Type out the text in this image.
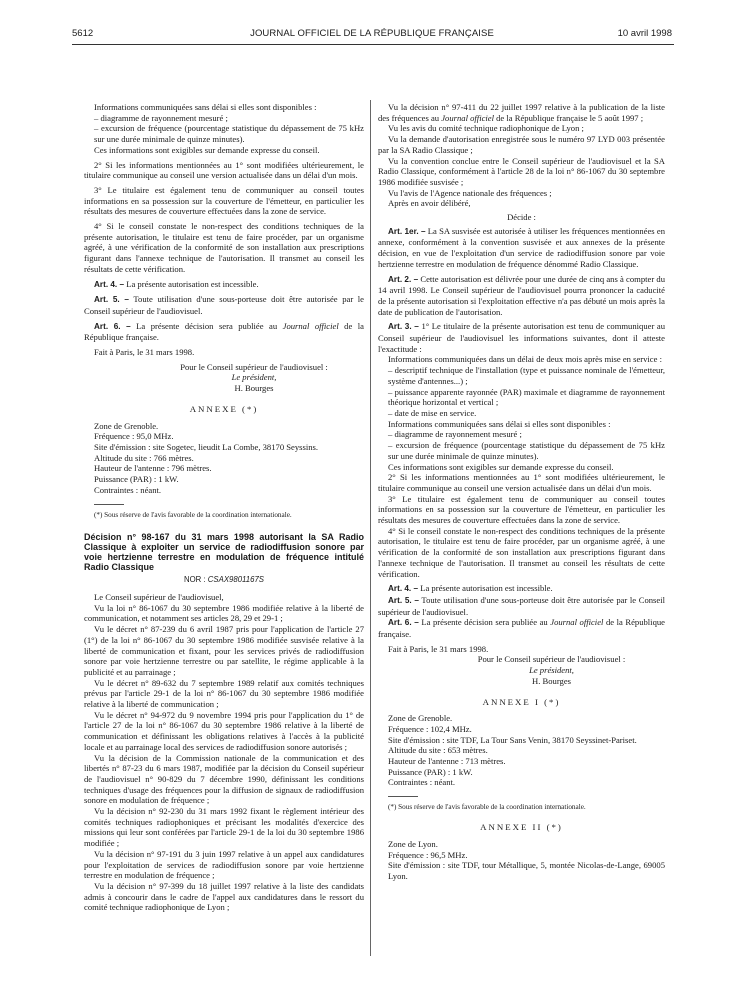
5612	JOURNAL OFFICIEL DE LA RÉPUBLIQUE FRANÇAISE	10 avril 1998

Informations communiquées sans délai si elles sont disponibles :

– diagramme de rayonnement mesuré ;

– excursion de fréquence (pourcentage statistique du dépassement de 75 kHz sur une durée minimale de quinze minutes).

Ces informations sont exigibles sur demande expresse du conseil.

2° Si les informations mentionnées au 1° sont modifiées ultérieurement, le titulaire communique au conseil une version actualisée dans un délai d'un mois.

3° Le titulaire est également tenu de communiquer au conseil toutes informations en sa possession sur la couverture de l'émetteur, en particulier les résultats des mesures de couverture effectuées dans la zone de service.

4° Si le conseil constate le non-respect des conditions techniques de la présente autorisation, le titulaire est tenu de faire procéder, par un organisme agréé, à une vérification de la conformité de son installation aux prescriptions figurant dans l'annexe technique de l'autorisation. Il transmet au conseil les résultats de cette vérification.

Art. 4. – La présente autorisation est incessible.

Art. 5. – Toute utilisation d'une sous-porteuse doit être autorisée par le Conseil supérieur de l'audiovisuel.

Art. 6. – La présente décision sera publiée au Journal officiel de la République française.

Fait à Paris, le 31 mars 1998.

Pour le Conseil supérieur de l'audiovisuel :
Le président,
H. Bourges
ANNEXE (*)

Zone de Grenoble.

Fréquence : 95,0 MHz.

Site d'émission : site Sogetec, lieudit La Combe, 38170 Seyssins.

Altitude du site : 766 mètres.

Hauteur de l'antenne : 796 mètres.

Puissance (PAR) : 1 kW.

Contraintes : néant.

(*) Sous réserve de l'avis favorable de la coordination internationale.

Décision n° 98-167 du 31 mars 1998 autorisant la SA Radio Classique à exploiter un service de radiodiffusion sonore par voie hertzienne terrestre en modulation de fréquence intitulé Radio Classique

NOR : CSAX9801167S

Le Conseil supérieur de l'audiovisuel,

Vu la loi n° 86-1067 du 30 septembre 1986 modifiée relative à la liberté de communication, et notamment ses articles 28, 29 et 29-1 ;

Vu le décret n° 87-239 du 6 avril 1987 pris pour l'application de l'article 27 (1°) de la loi n° 86-1067 du 30 septembre 1986 modifiée susvisée relative à la liberté de communication et fixant, pour les services privés de radiodiffusion sonore par voie hertzienne terrestre ou par satellite, le régime applicable à la publicité et au parrainage ;

Vu le décret n° 89-632 du 7 septembre 1989 relatif aux comités techniques prévus par l'article 29-1 de la loi n° 86-1067 du 30 septembre 1986 modifiée relative à la liberté de communication ;

Vu le décret n° 94-972 du 9 novembre 1994 pris pour l'application du 1° de l'article 27 de la loi n° 86-1067 du 30 septembre 1986 relative à la liberté de communication et définissant les obligations relatives à l'accès à la publicité locale et au parrainage local des services de radiodiffusion sonore autorisés ;

Vu la décision de la Commission nationale de la communication et des libertés n° 87-23 du 6 mars 1987, modifiée par la décision du Conseil supérieur de l'audiovisuel n° 90-829 du 7 décembre 1990, définissant les conditions techniques d'usage des fréquences pour la diffusion de signaux de radiodiffusion sonore en modulation de fréquence ;

Vu la décision n° 92-230 du 31 mars 1992 fixant le règlement intérieur des comités techniques radiophoniques et précisant les modalités d'exercice des missions qui leur sont conférées par l'article 29-1 de la loi du 30 septembre 1986 modifiée ;

Vu la décision n° 97-191 du 3 juin 1997 relative à un appel aux candidatures pour l'exploitation de services de radiodiffusion sonore par voie hertzienne terrestre en modulation de fréquence ;

Vu la décision n° 97-399 du 18 juillet 1997 relative à la liste des candidats admis à concourir dans le cadre de l'appel aux candidatures dans le ressort du comité technique radiophonique de Lyon ;

Vu la décision n° 97-411 du 22 juillet 1997 relative à la publication de la liste des fréquences au Journal officiel de la République française le 5 août 1997 ;

Vu les avis du comité technique radiophonique de Lyon ;

Vu la demande d'autorisation enregistrée sous le numéro 97 LYD 003 présentée par la SA Radio Classique ;

Vu la convention conclue entre le Conseil supérieur de l'audiovisuel et la SA Radio Classique, conformément à l'article 28 de la loi n° 86-1067 du 30 septembre 1986 modifiée susvisée ;

Vu l'avis de l'Agence nationale des fréquences ;

Après en avoir délibéré,

Décide :

Art. 1er. – La SA susvisée est autorisée à utiliser les fréquences mentionnées en annexe, conformément à la convention susvisée et aux annexes de la présente décision, en vue de l'exploitation d'un service de radiodiffusion sonore par voie hertzienne terrestre en modulation de fréquence dénommé Radio Classique.

Art. 2. – Cette autorisation est délivrée pour une durée de cinq ans à compter du 14 avril 1998. Le Conseil supérieur de l'audiovisuel pourra prononcer la caducité de la présente autorisation si l'exploitation effective n'a pas débuté un mois après la date de publication de l'autorisation.

Art. 3. – 1° Le titulaire de la présente autorisation est tenu de communiquer au Conseil supérieur de l'audiovisuel les informations suivantes, dont il atteste l'exactitude :

Informations communiquées dans un délai de deux mois après mise en service :

– descriptif technique de l'installation (type et puissance nominale de l'émetteur, système d'antennes...) ;

– puissance apparente rayonnée (PAR) maximale et diagramme de rayonnement théorique horizontal et vertical ;

– date de mise en service.

Informations communiquées sans délai si elles sont disponibles :

– diagramme de rayonnement mesuré ;

– excursion de fréquence (pourcentage statistique du dépassement de 75 kHz sur une durée minimale de quinze minutes).

Ces informations sont exigibles sur demande expresse du conseil.

2° Si les informations mentionnées au 1° sont modifiées ultérieurement, le titulaire communique au conseil une version actualisée dans un délai d'un mois.

3° Le titulaire est également tenu de communiquer au conseil toutes informations en sa possession sur la couverture de l'émetteur, en particulier les résultats des mesures de couverture effectuées dans la zone de service.

4° Si le conseil constate le non-respect des conditions techniques de la présente autorisation, le titulaire est tenu de faire procéder, par un organisme agréé, à une vérification de la conformité de son installation aux prescriptions figurant dans l'annexe technique de l'autorisation. Il transmet au conseil les résultats de cette vérification.

Art. 4. – La présente autorisation est incessible.

Art. 5. – Toute utilisation d'une sous-porteuse doit être autorisée par le Conseil supérieur de l'audiovisuel.

Art. 6. – La présente décision sera publiée au Journal officiel de la République française.

Fait à Paris, le 31 mars 1998.

Pour le Conseil supérieur de l'audiovisuel :
Le président,
H. Bourges
ANNEXE I (*)

Zone de Grenoble.

Fréquence : 102,4 MHz.

Site d'émission : site TDF, La Tour Sans Venin, 38170 Seyssinet-Pariset.

Altitude du site : 653 mètres.

Hauteur de l'antenne : 713 mètres.

Puissance (PAR) : 1 kW.

Contraintes : néant.

(*) Sous réserve de l'avis favorable de la coordination internationale.

ANNEXE II (*)

Zone de Lyon.

Fréquence : 96,5 MHz.

Site d'émission : site TDF, tour Métallique, 5, montée Nicolas-de-Lange, 69005 Lyon.
